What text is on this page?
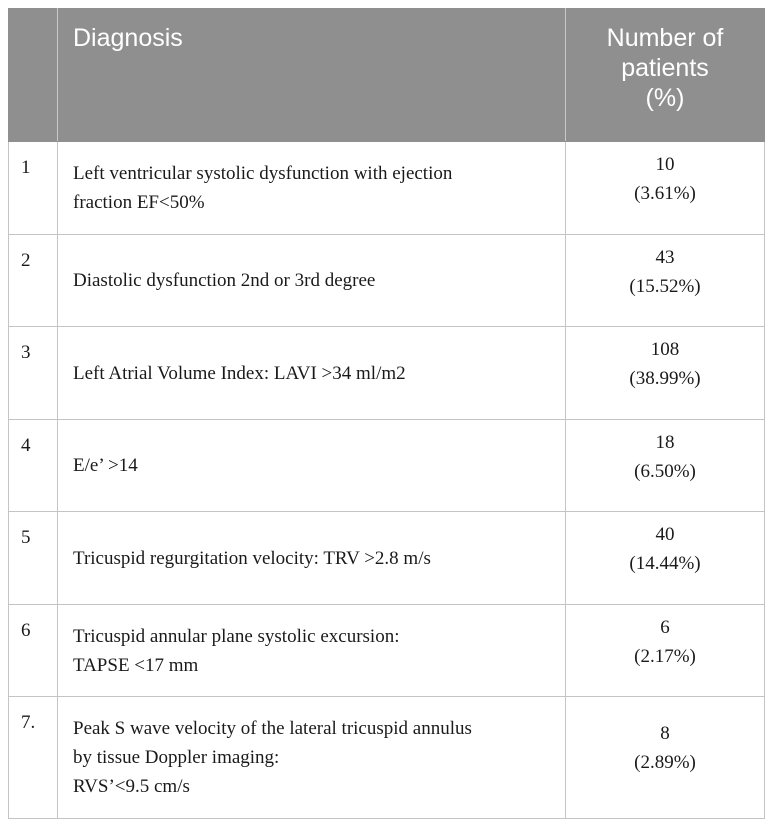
	Diagnosis	Number of
patients
(%)

1	Left ventricular systolic dysfunction with ejection
fraction EF<50%	10
(3.61%)

2	Diastolic dysfunction 2nd or 3rd degree	43
(15.52%)

3	Left Atrial Volume Index: LAVI >34 ml/m2	108
(38.99%)

4	E/e’ >14	18
(6.50%)

5	Tricuspid regurgitation velocity: TRV >2.8 m/s	40
(14.44%)

6	Tricuspid annular plane systolic excursion:
TAPSE <17 mm	6
(2.17%)

7.	Peak S wave velocity of the lateral tricuspid annulus
by tissue Doppler imaging:
RVS’<9.5 cm/s	8
(2.89%)
